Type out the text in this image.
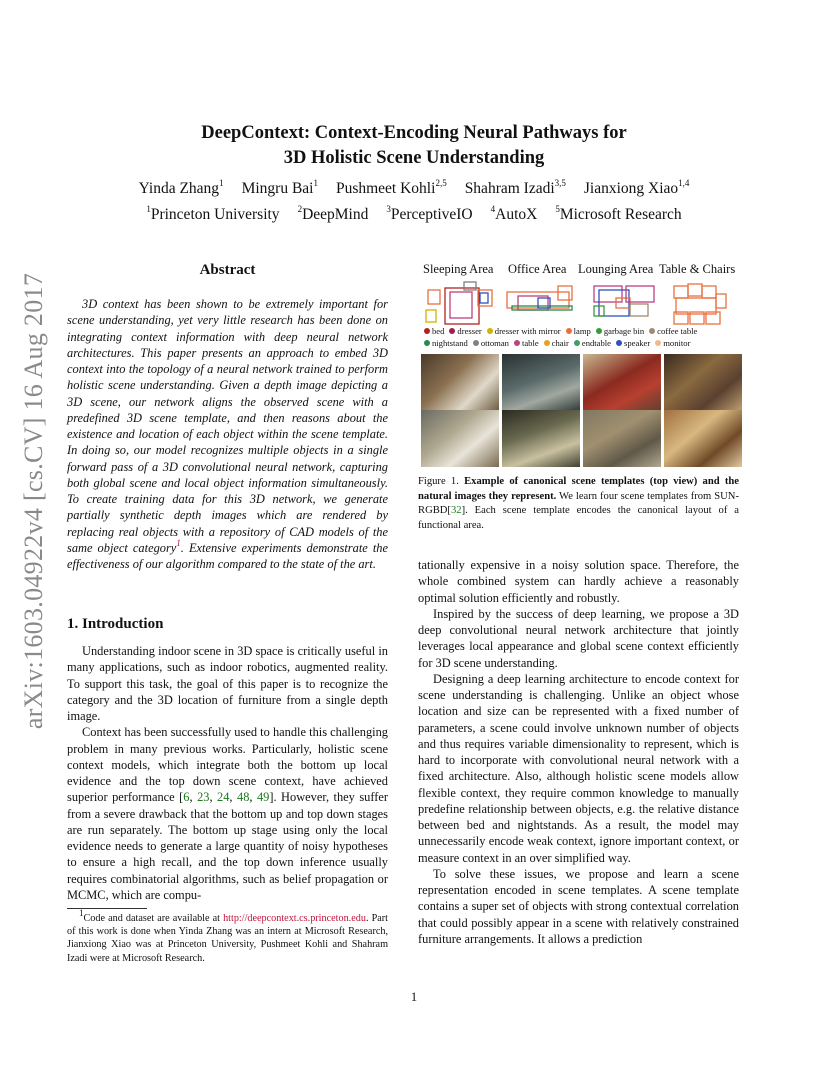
arXiv:1603.04922v4 [cs.CV] 16 Aug 2017
DeepContext: Context-Encoding Neural Pathways for
3D Holistic Scene Understanding
Yinda Zhang$^1$ Mingru Bai$^1$ Pushmeet Kohli$^{2,5}$ Shahram Izadi$^{3,5}$ Jianxiong Xiao$^{1,4}$
$^1$Princeton University $^2$DeepMind $^3$PerceptiveIO $^4$AutoX $^5$Microsoft Research
Abstract

3D context has been shown to be extremely important for scene understanding, yet very little research has been done on integrating context information with deep neural network architectures. This paper presents an approach to embed 3D context into the topology of a neural network trained to perform holistic scene understanding. Given a depth image depicting a 3D scene, our network aligns the observed scene with a predefined 3D scene template, and then reasons about the existence and location of each object within the scene template. In doing so, our model recognizes multiple objects in a single forward pass of a 3D convolutional neural network, capturing both global scene and local object information simultaneously. To create training data for this 3D network, we generate partially synthetic depth images which are rendered by replacing real objects with a repository of CAD models of the same object category$^1$. Extensive experiments demonstrate the effectiveness of our algorithm compared to the state of the art.

1. Introduction

Understanding indoor scene in 3D space is critically useful in many applications, such as indoor robotics, augmented reality. To support this task, the goal of this paper is to recognize the category and the 3D location of furniture from a single depth image.

Context has been successfully used to handle this challenging problem in many previous works. Particularly, holistic scene context models, which integrate both the bottom up local evidence and the top down scene context, have achieved superior performance [6, 23, 24, 48, 49]. However, they suffer from a severe drawback that the bottom up and top down stages are run separately. The bottom up stage using only the local evidence needs to generate a large quantity of noisy hypotheses to ensure a high recall, and the top down inference usually requires combinatorial algorithms, such as belief propagation or MCMC, which are compu-

$^1$Code and dataset are available at http://deepcontext.cs.princeton.edu. Part of this work is done when Yinda Zhang was an intern at Microsoft Research, Jianxiong Xiao was at Princeton University, Pushmeet Kohli and Shahram Izadi were at Microsoft Research.

Sleeping Area Office Area Lounging Area Table & Chairs
bed dresser dresser with mirror lamp garbage bin coffee table
nightstand ottoman table chair endtable speaker monitor
Figure 1. Example of canonical scene templates (top view) and the natural images they represent. We learn four scene templates from SUN-RGBD[32]. Each scene template encodes the canonical layout of a functional area.

tationally expensive in a noisy solution space. Therefore, the whole combined system can hardly achieve a reasonably optimal solution efficiently and robustly.

Inspired by the success of deep learning, we propose a 3D deep convolutional neural network architecture that jointly leverages local appearance and global scene context efficiently for 3D scene understanding.

Designing a deep learning architecture to encode context for scene understanding is challenging. Unlike an object whose location and size can be represented with a fixed number of parameters, a scene could involve unknown number of objects and thus requires variable dimensionality to represent, which is hard to incorporate with convolutional neural network with a fixed architecture. Also, although holistic scene models allow flexible context, they require common knowledge to manually predefine relationship between objects, e.g. the relative distance between bed and nightstands. As a result, the model may unnecessarily encode weak context, ignore important context, or measure context in an over simplified way.

To solve these issues, we propose and learn a scene representation encoded in scene templates. A scene template contains a super set of objects with strong contextual correlation that could possibly appear in a scene with relatively constrained furniture arrangements. It allows a prediction

1
